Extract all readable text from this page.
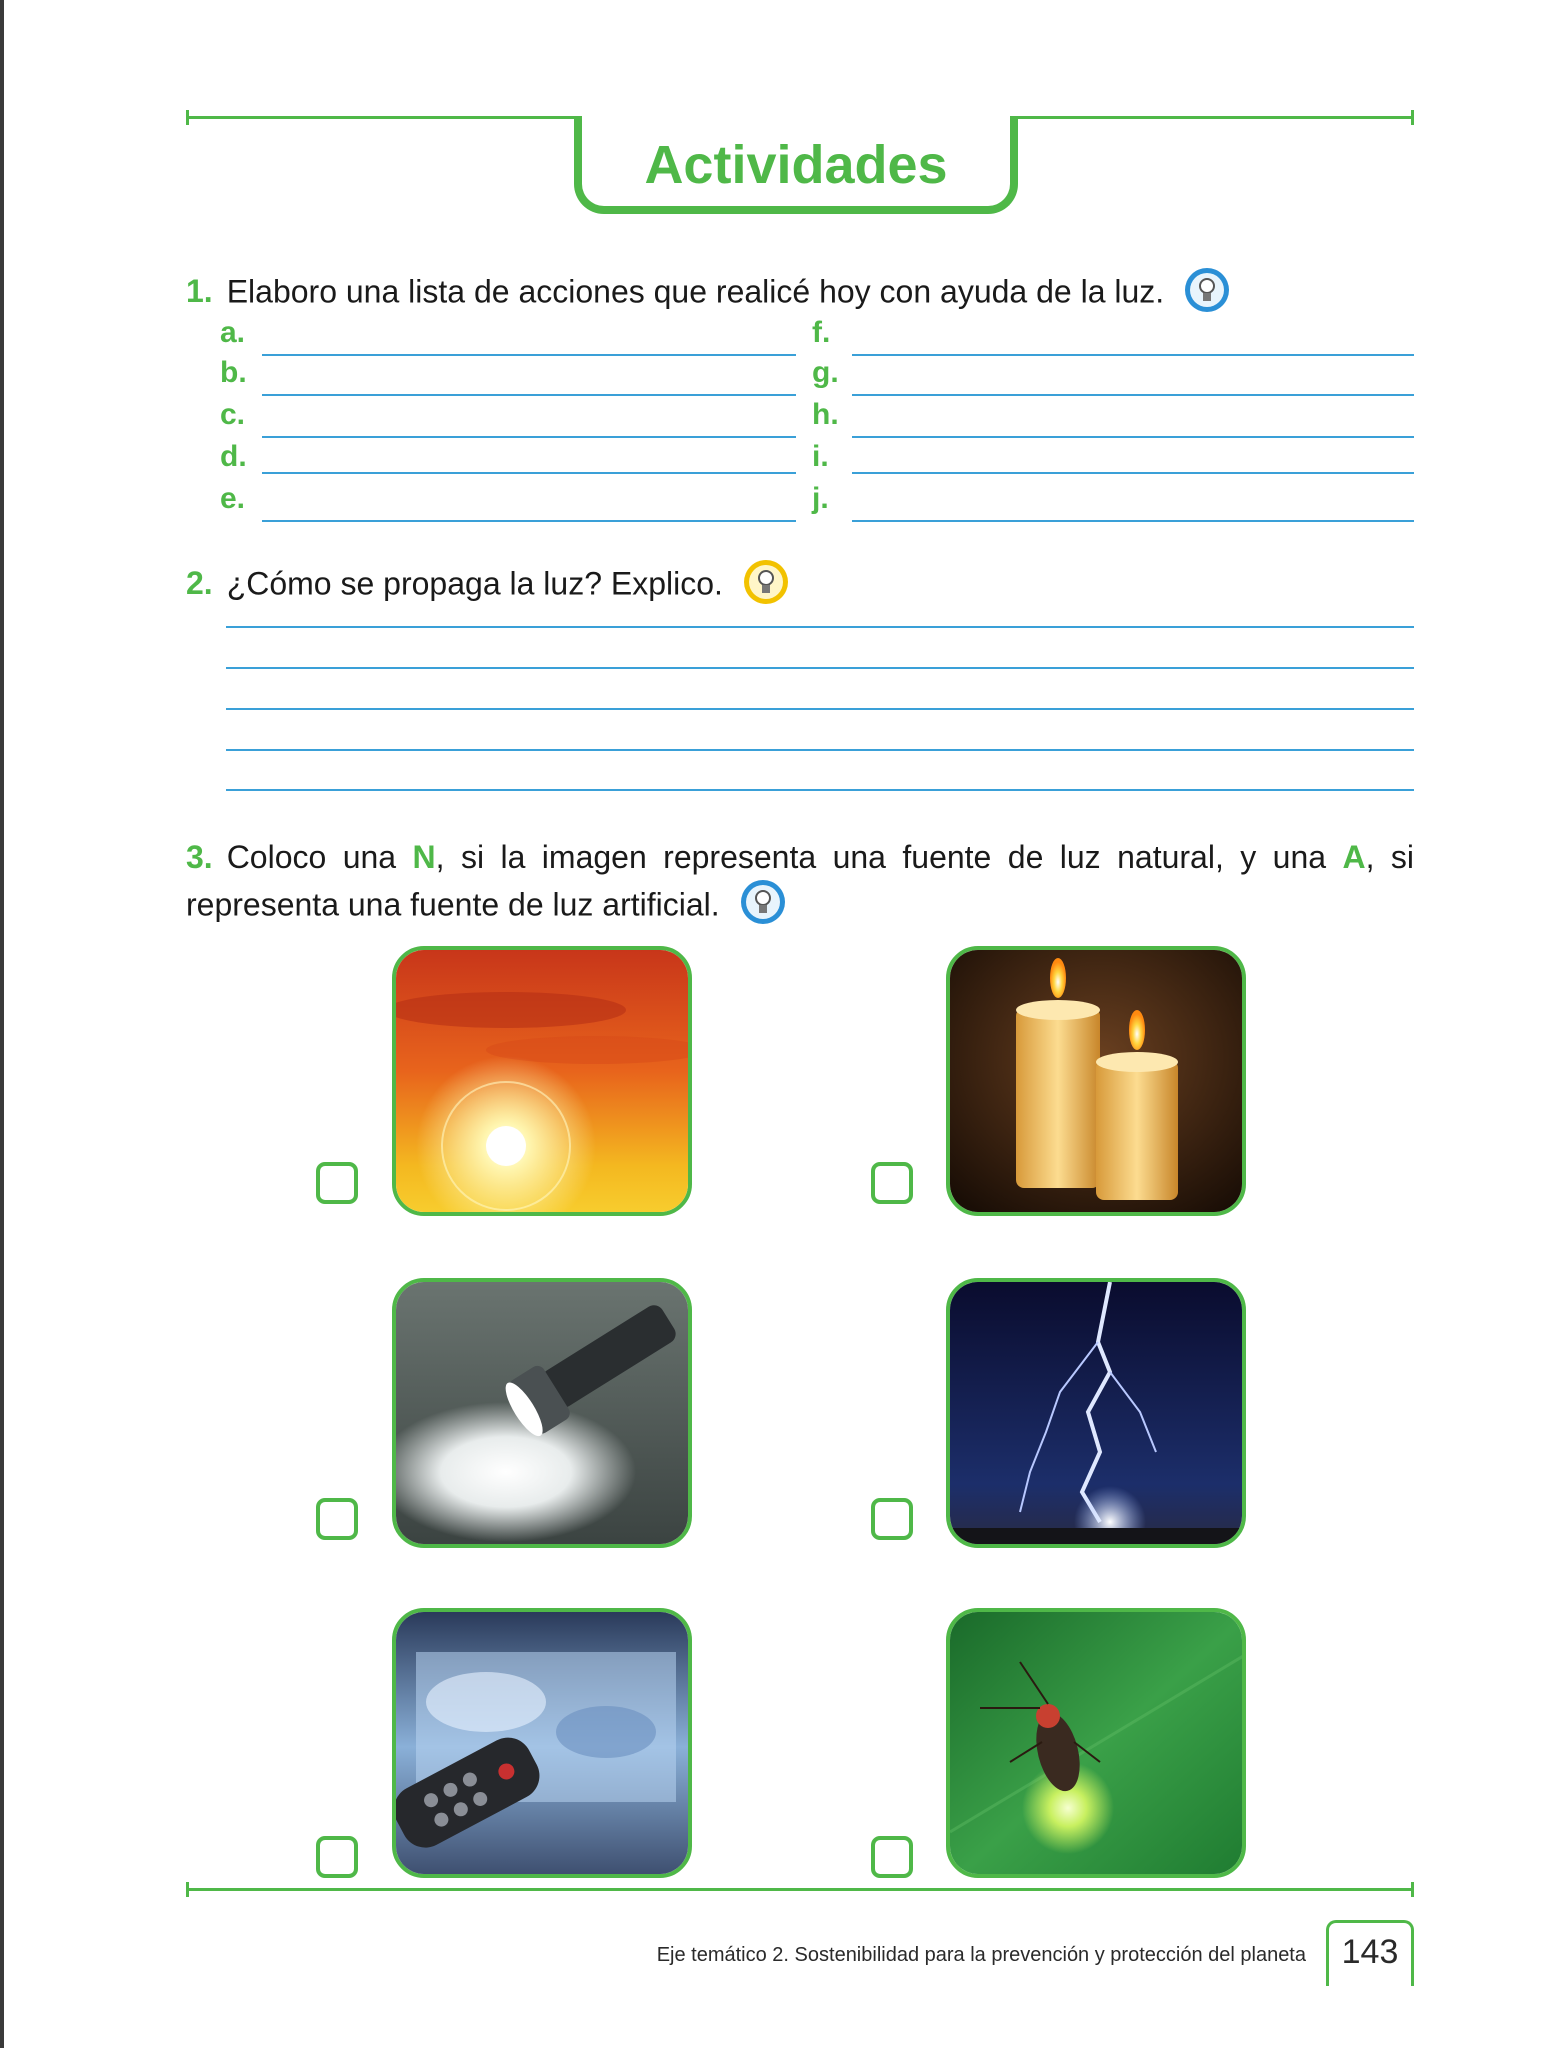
Actividades
1. Elaboro una lista de acciones que realicé hoy con ayuda de la luz.
a.	f.
b.	g.
c.	h.
d.	i.
e.	j.
2. ¿Cómo se propaga la luz? Explico.
3. Coloco una N, si la imagen representa una fuente de luz natural, y una A, si representa una fuente de luz artificial.
Eje temático 2. Sostenibilidad para la prevención y protección del planeta	143
